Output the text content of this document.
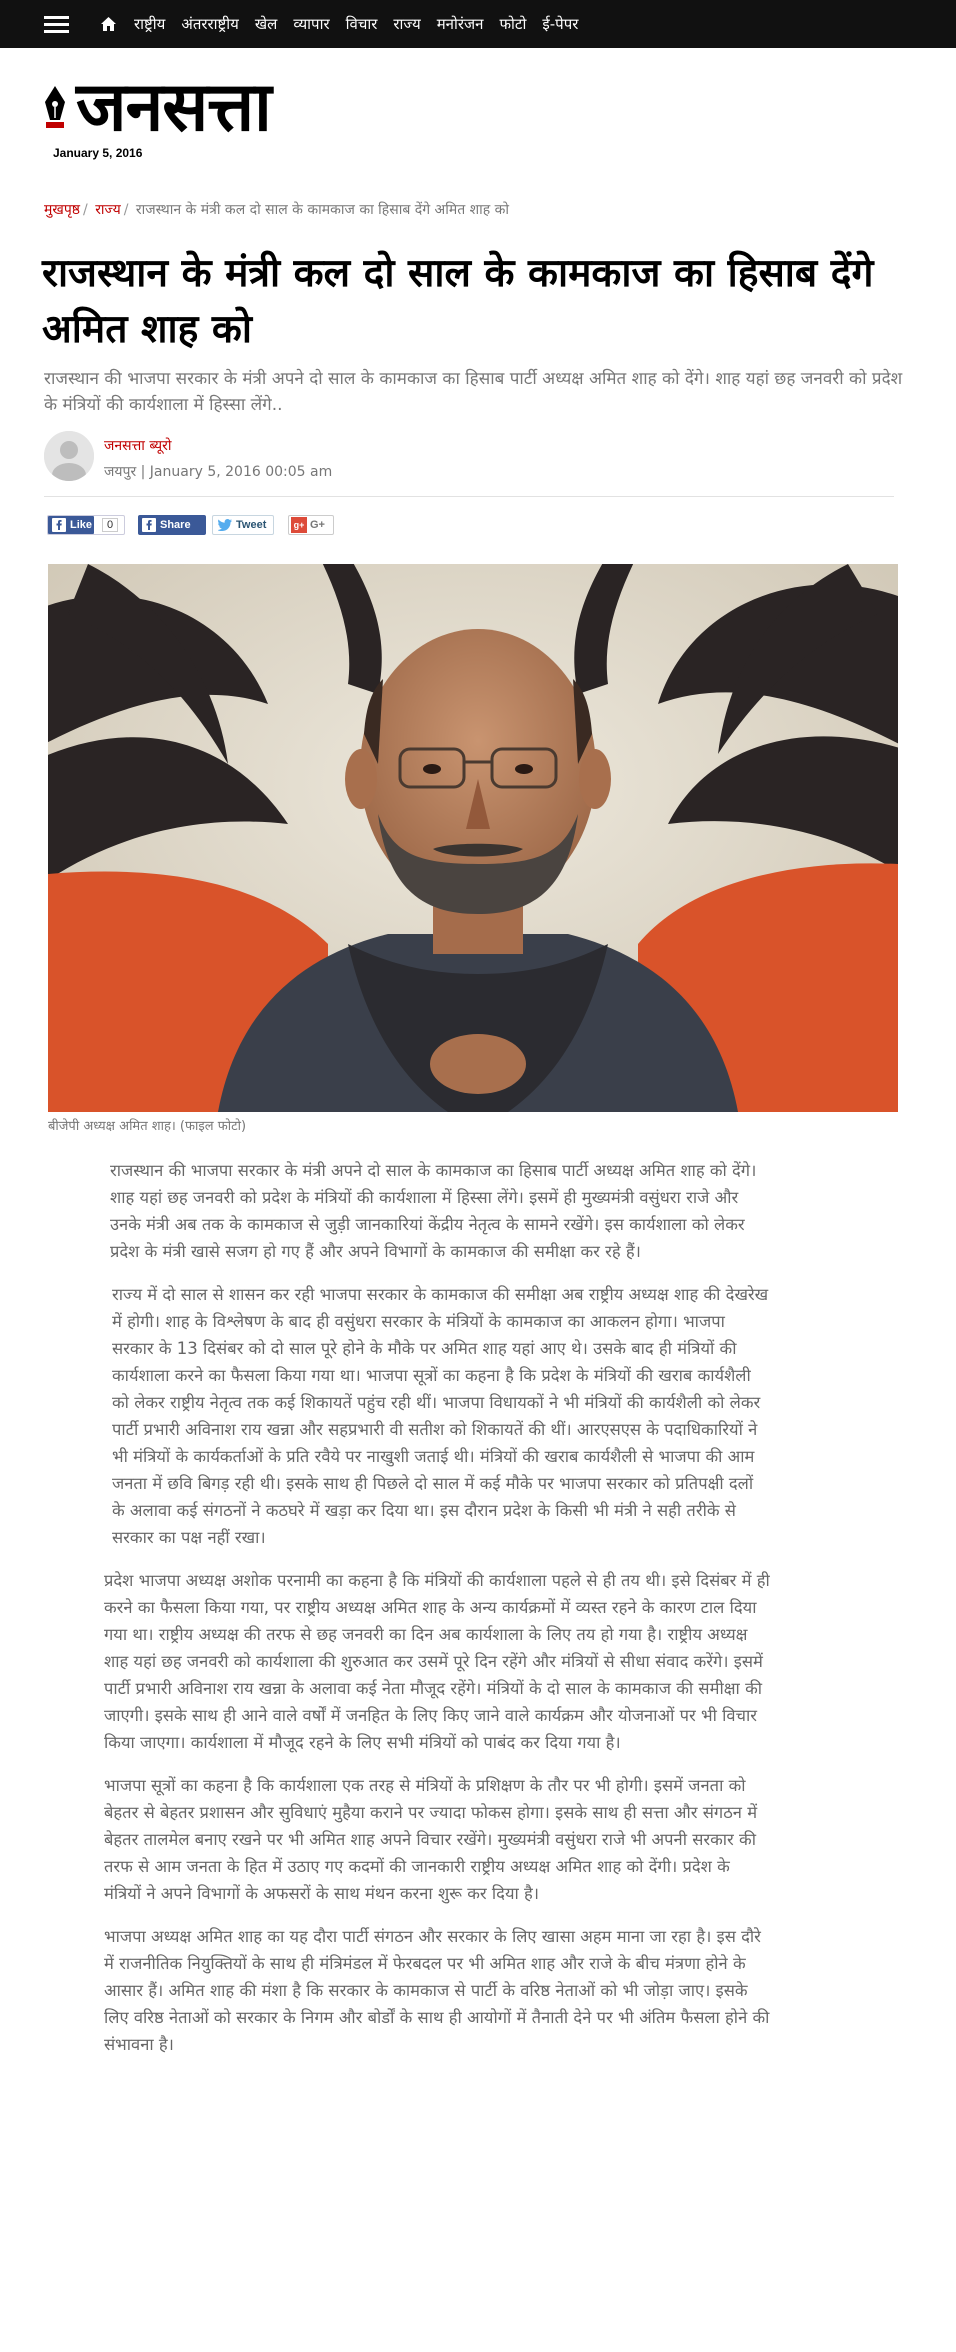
राष्ट्रीय अंतरराष्ट्रीय खेल व्यापार विचार राज्य मनोरंजन फोटो ई-पेपर
जनसत्ता
January 5, 2016
मुखपृष्ठ / राज्य / राजस्थान के मंत्री कल दो साल के कामकाज का हिसाब देंगे अमित शाह को
राजस्थान के मंत्री कल दो साल के कामकाज का हिसाब देंगे अमित शाह को
राजस्थान की भाजपा सरकार के मंत्री अपने दो साल के कामकाज का हिसाब पार्टी अध्यक्ष अमित शाह को देंगे। शाह यहां छह जनवरी को प्रदेश के मंत्रियों की कार्यशाला में हिस्सा लेंगे..
जनसत्ता ब्यूरो
जयपुर | January 5, 2016 00:05 am
Like	0	Share	Tweet	g+ G+
बीजेपी अध्यक्ष अमित शाह। (फाइल फोटो)

राजस्थान की भाजपा सरकार के मंत्री अपने दो साल के कामकाज का हिसाब पार्टी अध्यक्ष अमित शाह को देंगे। शाह यहां छह जनवरी को प्रदेश के मंत्रियों की कार्यशाला में हिस्सा लेंगे। इसमें ही मुख्यमंत्री वसुंधरा राजे और उनके मंत्री अब तक के कामकाज से जुड़ी जानकारियां केंद्रीय नेतृत्व के सामने रखेंगे। इस कार्यशाला को लेकर प्रदेश के मंत्री खासे सजग हो गए हैं और अपने विभागों के कामकाज की समीक्षा कर रहे हैं।

राज्य में दो साल से शासन कर रही भाजपा सरकार के कामकाज की समीक्षा अब राष्ट्रीय अध्यक्ष शाह की देखरेख में होगी। शाह के विश्लेषण के बाद ही वसुंधरा सरकार के मंत्रियों के कामकाज का आकलन होगा। भाजपा सरकार के 13 दिसंबर को दो साल पूरे होने के मौके पर अमित शाह यहां आए थे। उसके बाद ही मंत्रियों की कार्यशाला करने का फैसला किया गया था। भाजपा सूत्रों का कहना है कि प्रदेश के मंत्रियों की खराब कार्यशैली को लेकर राष्ट्रीय नेतृत्व तक कई शिकायतें पहुंच रही थीं। भाजपा विधायकों ने भी मंत्रियों की कार्यशैली को लेकर पार्टी प्रभारी अविनाश राय खन्ना और सहप्रभारी वी सतीश को शिकायतें की थीं। आरएसएस के पदाधिकारियों ने भी मंत्रियों के कार्यकर्ताओं के प्रति रवैये पर नाखुशी जताई थी। मंत्रियों की खराब कार्यशैली से भाजपा की आम जनता में छवि बिगड़ रही थी। इसके साथ ही पिछले दो साल में कई मौके पर भाजपा सरकार को प्रतिपक्षी दलों के अलावा कई संगठनों ने कठघरे में खड़ा कर दिया था। इस दौरान प्रदेश के किसी भी मंत्री ने सही तरीके से सरकार का पक्ष नहीं रखा।

प्रदेश भाजपा अध्यक्ष अशोक परनामी का कहना है कि मंत्रियों की कार्यशाला पहले से ही तय थी। इसे दिसंबर में ही करने का फैसला किया गया, पर राष्ट्रीय अध्यक्ष अमित शाह के अन्य कार्यक्रमों में व्यस्त रहने के कारण टाल दिया गया था। राष्ट्रीय अध्यक्ष की तरफ से छह जनवरी का दिन अब कार्यशाला के लिए तय हो गया है। राष्ट्रीय अध्यक्ष शाह यहां छह जनवरी को कार्यशाला की शुरुआत कर उसमें पूरे दिन रहेंगे और मंत्रियों से सीधा संवाद करेंगे। इसमें पार्टी प्रभारी अविनाश राय खन्ना के अलावा कई नेता मौजूद रहेंगे। मंत्रियों के दो साल के कामकाज की समीक्षा की जाएगी। इसके साथ ही आने वाले वर्षों में जनहित के लिए किए जाने वाले कार्यक्रम और योजनाओं पर भी विचार किया जाएगा। कार्यशाला में मौजूद रहने के लिए सभी मंत्रियों को पाबंद कर दिया गया है।

भाजपा सूत्रों का कहना है कि कार्यशाला एक तरह से मंत्रियों के प्रशिक्षण के तौर पर भी होगी। इसमें जनता को बेहतर से बेहतर प्रशासन और सुविधाएं मुहैया कराने पर ज्यादा फोकस होगा। इसके साथ ही सत्ता और संगठन में बेहतर तालमेल बनाए रखने पर भी अमित शाह अपने विचार रखेंगे। मुख्यमंत्री वसुंधरा राजे भी अपनी सरकार की तरफ से आम जनता के हित में उठाए गए कदमों की जानकारी राष्ट्रीय अध्यक्ष अमित शाह को देंगी। प्रदेश के मंत्रियों ने अपने विभागों के अफसरों के साथ मंथन करना शुरू कर दिया है।

भाजपा अध्यक्ष अमित शाह का यह दौरा पार्टी संगठन और सरकार के लिए खासा अहम माना जा रहा है। इस दौरे में राजनीतिक नियुक्तियों के साथ ही मंत्रिमंडल में फेरबदल पर भी अमित शाह और राजे के बीच मंत्रणा होने के आसार हैं। अमित शाह की मंशा है कि सरकार के कामकाज से पार्टी के वरिष्ठ नेताओं को भी जोड़ा जाए। इसके लिए वरिष्ठ नेताओं को सरकार के निगम और बोर्डों के साथ ही आयोगों में तैनाती देने पर भी अंतिम फैसला होने की संभावना है।
